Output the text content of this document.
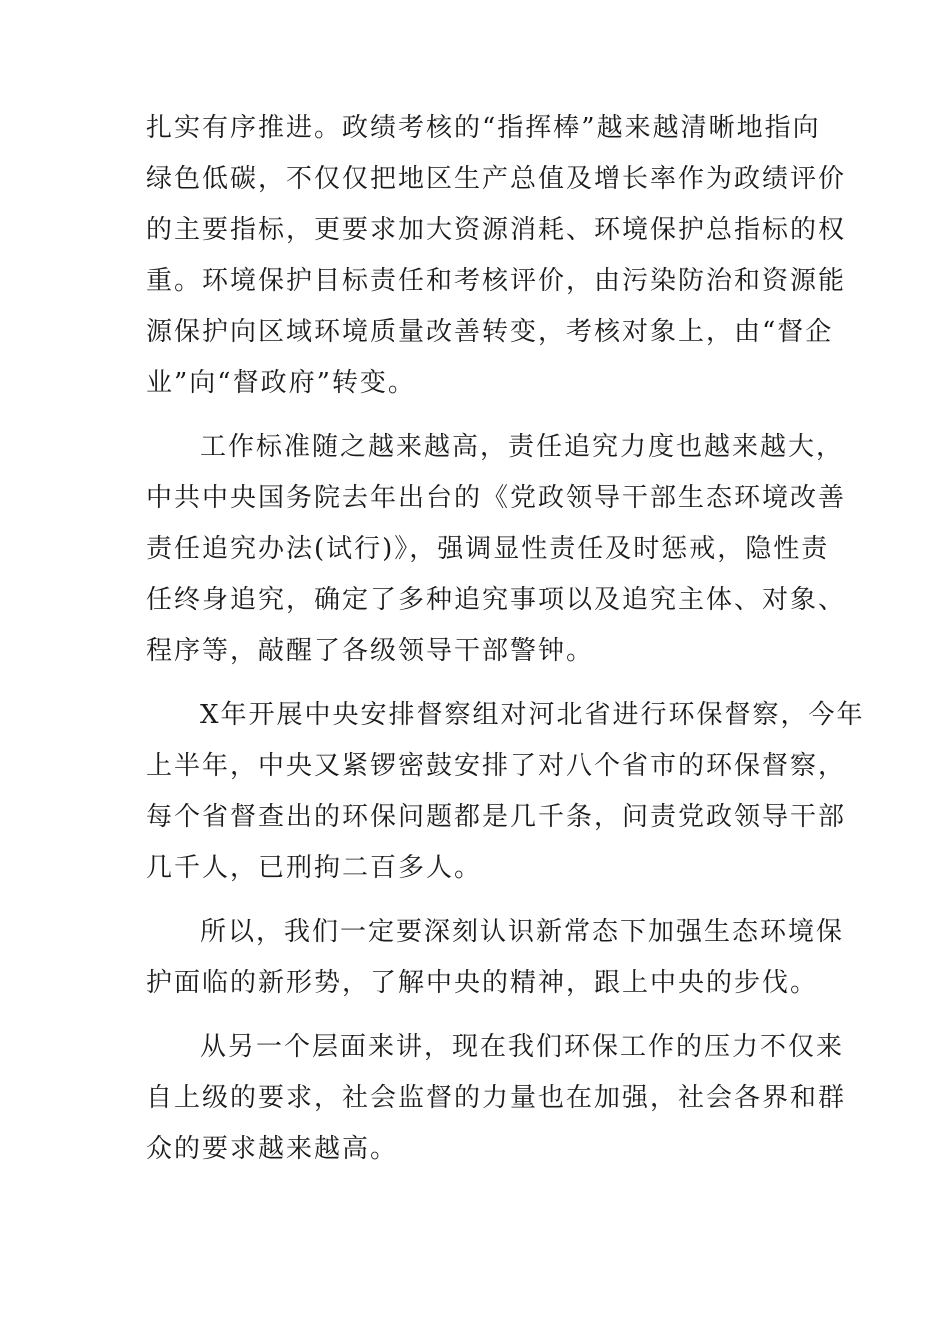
扎实有序推进。政绩考核的“指挥棒”越来越清晰地指向
绿色低碳，不仅仅把地区生产总值及增长率作为政绩评价
的主要指标，更要求加大资源消耗、环境保护总指标的权
重。环境保护目标责任和考核评价，由污染防治和资源能
源保护向区域环境质量改善转变，考核对象上，由“督企
业”向“督政府”转变。
工作标准随之越来越高，责任追究力度也越来越大，
中共中央国务院去年出台的《党政领导干部生态环境改善
责任追究办法(试行)》，强调显性责任及时惩戒，隐性责
任终身追究，确定了多种追究事项以及追究主体、对象、
程序等，敲醒了各级领导干部警钟。
X年开展中央安排督察组对河北省进行环保督察，今年
上半年，中央又紧锣密鼓安排了对八个省市的环保督察，
每个省督查出的环保问题都是几千条，问责党政领导干部
几千人，已刑拘二百多人。
所以，我们一定要深刻认识新常态下加强生态环境保
护面临的新形势，了解中央的精神，跟上中央的步伐。
从另一个层面来讲，现在我们环保工作的压力不仅来
自上级的要求，社会监督的力量也在加强，社会各界和群
众的要求越来越高。
